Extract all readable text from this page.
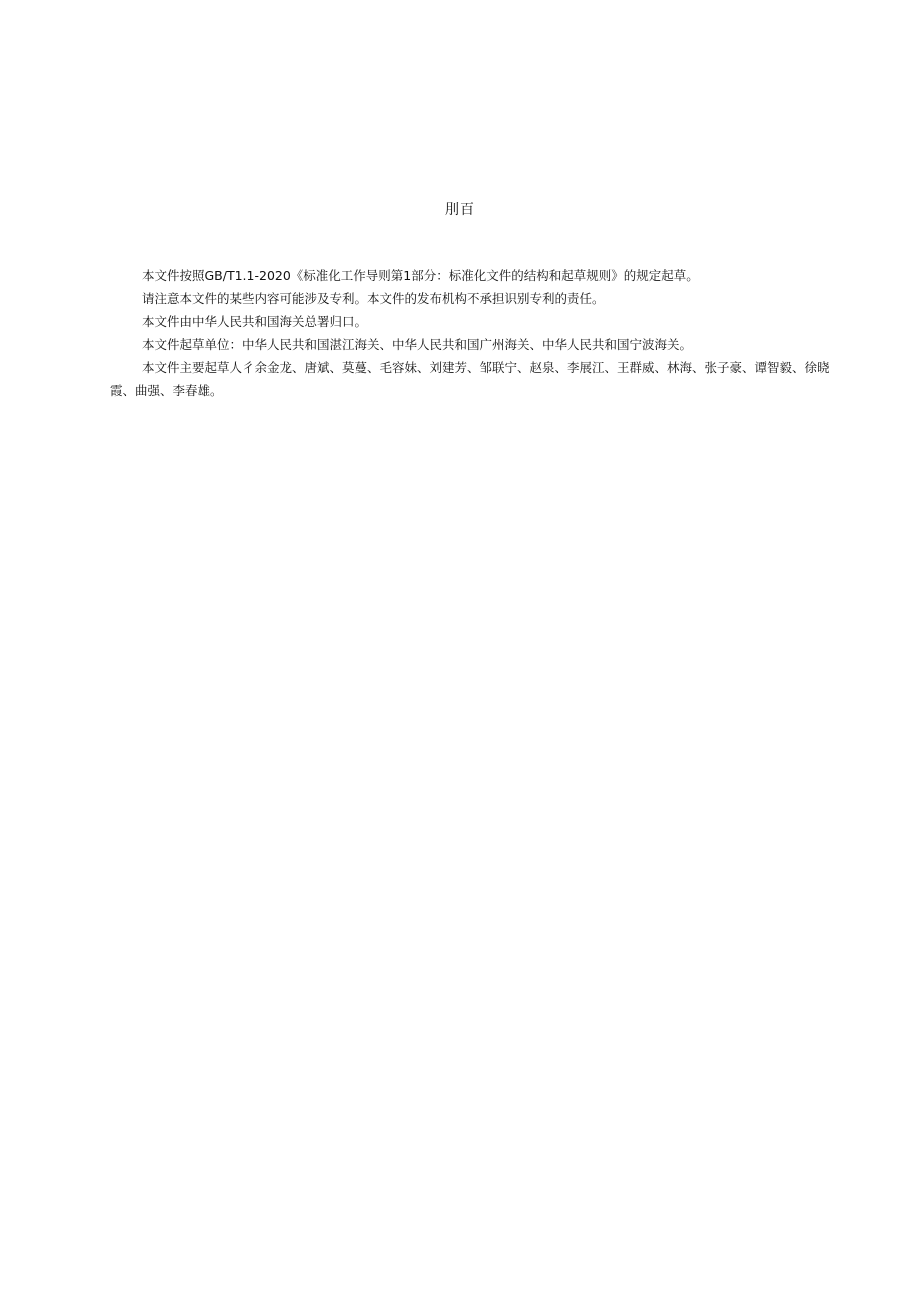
刖百

本文件按照GB/T1.1-2020《标准化工作导则第1部分：标准化文件的结构和起草规则》的规定起草。

请注意本文件的某些内容可能涉及专利。本文件的发布机构不承担识别专利的责任。

本文件由中华人民共和国海关总署归口。

本文件起草单位：中华人民共和国湛江海关、中华人民共和国广州海关、中华人民共和国宁波海关。

本文件主要起草人彳余金龙、唐斌、莫蔓、毛容妹、刘建芳、邹联宁、赵泉、李展江、王群威、林海、张子豪、谭智毅、徐晓霞、曲强、李春雄。
